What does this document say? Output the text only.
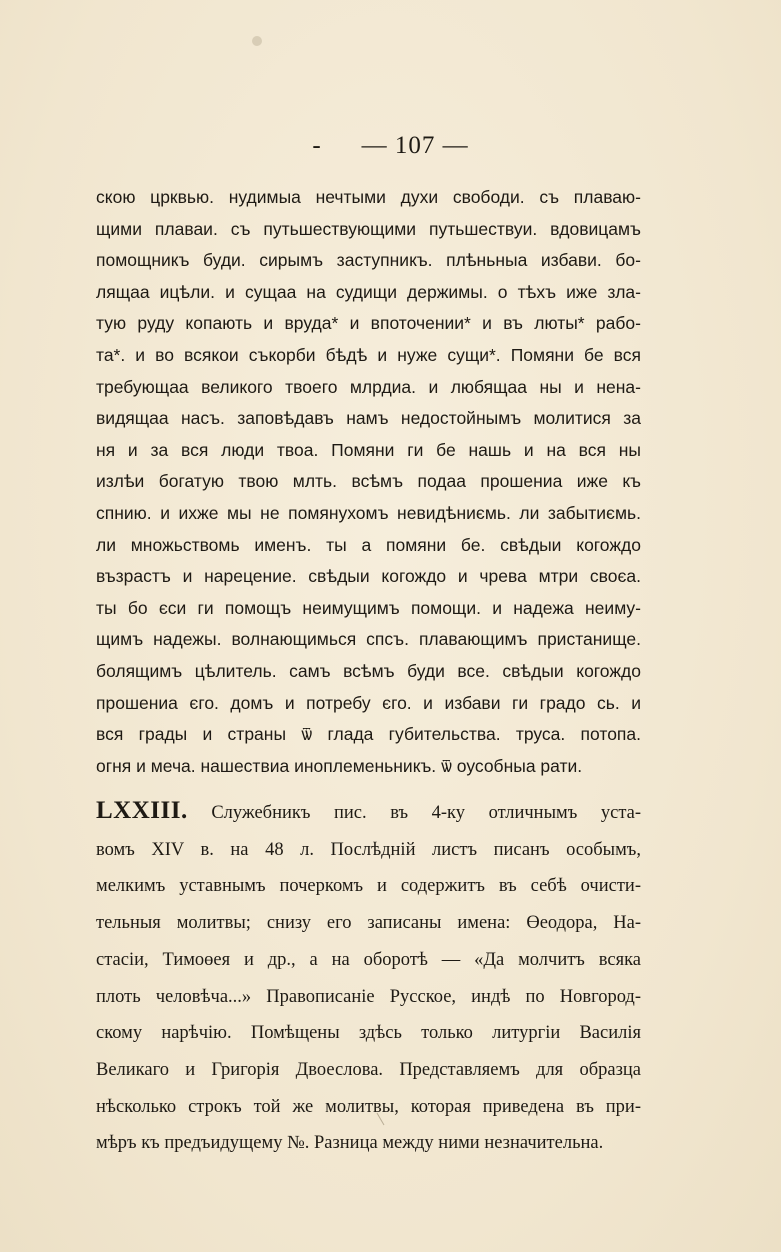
- — 107 —
скою црквью. нудимыа нечтыми духи свободи. съ плаваю-
щими плаваи. съ путьшествующими путьшествуи. вдовицамъ
помощникъ буди. сирымъ заступникъ. плѣньныа избави. бо-
лящаа ицѣли. и сущаа на судищи держимы. о тѣхъ иже зла-
тую руду копають и вруда* и впоточении* и въ люты* рабо-
та*. и во всякои съкорби бѣдѣ и нуже сущи*. Помяни бе вся
требующаа великого твоего млрдиа. и любящаа ны и нена-
видящаа насъ. заповѣдавъ намъ недостойнымъ молитися за
ня и за вся люди твоа. Помяни ги бе нашь и на вся ны
излѣи богатую твою млть. всѣмъ подаа прошениа иже къ
спнию. и ихже мы не помянухомъ невидѣниємь. ли забытиємь.
ли множьствомь именъ. ты а помяни бе. свѣдыи когождо
възрастъ и нарецение. свѣдыи когождо и чрева мтри своєа.
ты бо єси ги помощъ неимущимъ помощи. и надежа неиму-
щимъ надежы. волнающимься спсъ. плавающимъ пристанище.
болящимъ цѣлитель. самъ всѣмъ буди все. свѣдыи когождо
прошениа єго. домъ и потребу єго. и избави ги градо сь. и
вся грады и страны ѿ глада губительства. труса. потопа.
огня и меча. нашествиа иноплеменьникъ. ѿ оусобныа рати.
LXXIII. Служебникъ пис. въ 4-ку отличнымъ уста-
вомъ XIV в. на 48 л. Послѣдній листъ писанъ особымъ,
мелкимъ уставнымъ почеркомъ и содержитъ въ себѣ очисти-
тельныя молитвы; снизу его записаны имена: Өеодора, На-
стасіи, Тимоөея и др., а на оборотѣ — «Да молчитъ всяка
плоть человѣча...» Правописаніе Русское, индѣ по Новгород-
скому нарѣчію. Помѣщены здѣсь только литургіи Василія
Великаго и Григорія Двоеслова. Представляемъ для образца
нѣсколько строкъ той же молитвы, которая приведена въ при-
мѣръ къ предъидущему №. Разница между ними незначительна.
